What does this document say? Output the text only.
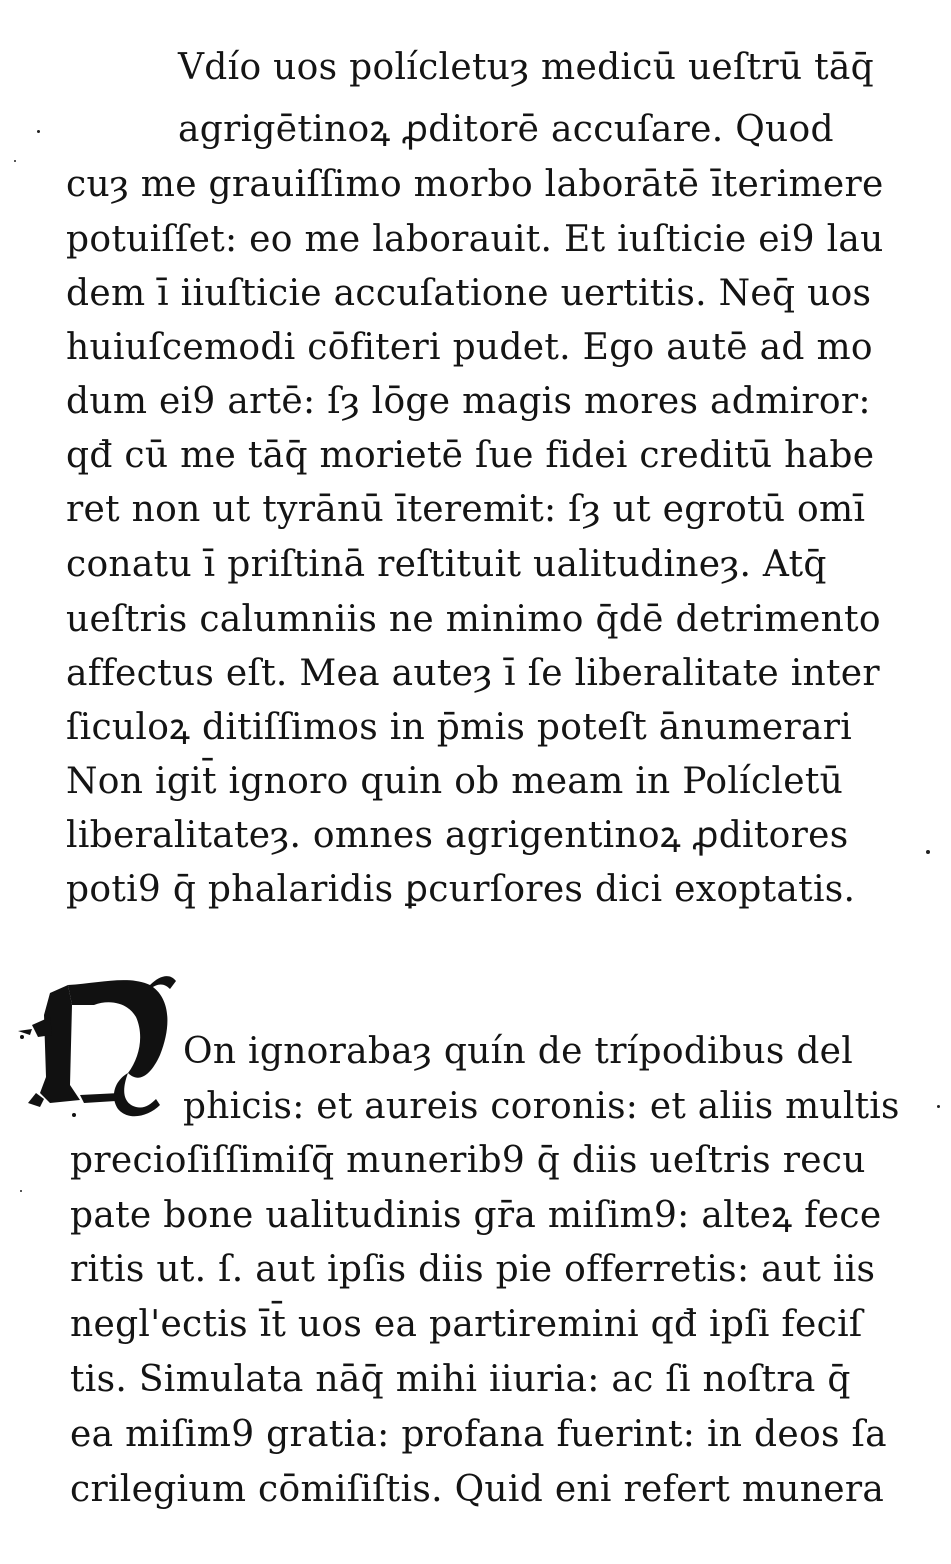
Vdío uos polícletuȝ medicū ueſtrū tāq̄
agrigētinoꝝ ꝓditorē accuſare. Quod
cuȝ me grauiſſimo morbo laborātē īterimere
potuiſſet: eo me laborauit. Et iuſticie ei9 lau
dem ī iiuſticie accuſatione uertitis. Neq̄ uos
huiuſcemodi cōfiteri pudet. Ego autē ad mo
dum ei9 artē: ſȝ lōge magis mores admiror:
qđ cū me tāq̄ morietē ſue fidei creditū habe
ret non ut tyrānū īteremit: ſȝ ut egrotū omī
conatu ī priſtinā reſtituit ualitudineȝ. Atq̄
ueſtris calumniis ne minimo q̄dē detrimento
affectus eſt. Mea auteȝ ī ſe liberalitate inter
ſiculoꝝ ditiſſimos in p̄mis poteſt ānumerari
Non igit̄ ignoro quin ob meam in Polícletū
liberalitateȝ. omnes agrigentinoꝝ ꝓditores
poti9 q̄ phalaridis ꝑcurſores dici exoptatis.
On ignorabaȝ quín de trípodibus del
phicis: et aureis coronis: et aliis multis
precioſiſſimiſq̄ munerib9 q̄ diis ueſtris recu
pate bone ualitudinis gr̄a miſim9: alteꝝ fece
ritis ut. ſ. aut ipſis diis pie offerretis: aut iis
negl'ectis īt̄ uos ea partiremini qđ ipſi feciſ
tis. Simulata nāq̄ mihi iiuria: ac ſi noſtra q̄
ea miſim9 gratia: profana fuerint: in deos ſa
crilegium cōmiſiſtis. Quid eni refert munera
